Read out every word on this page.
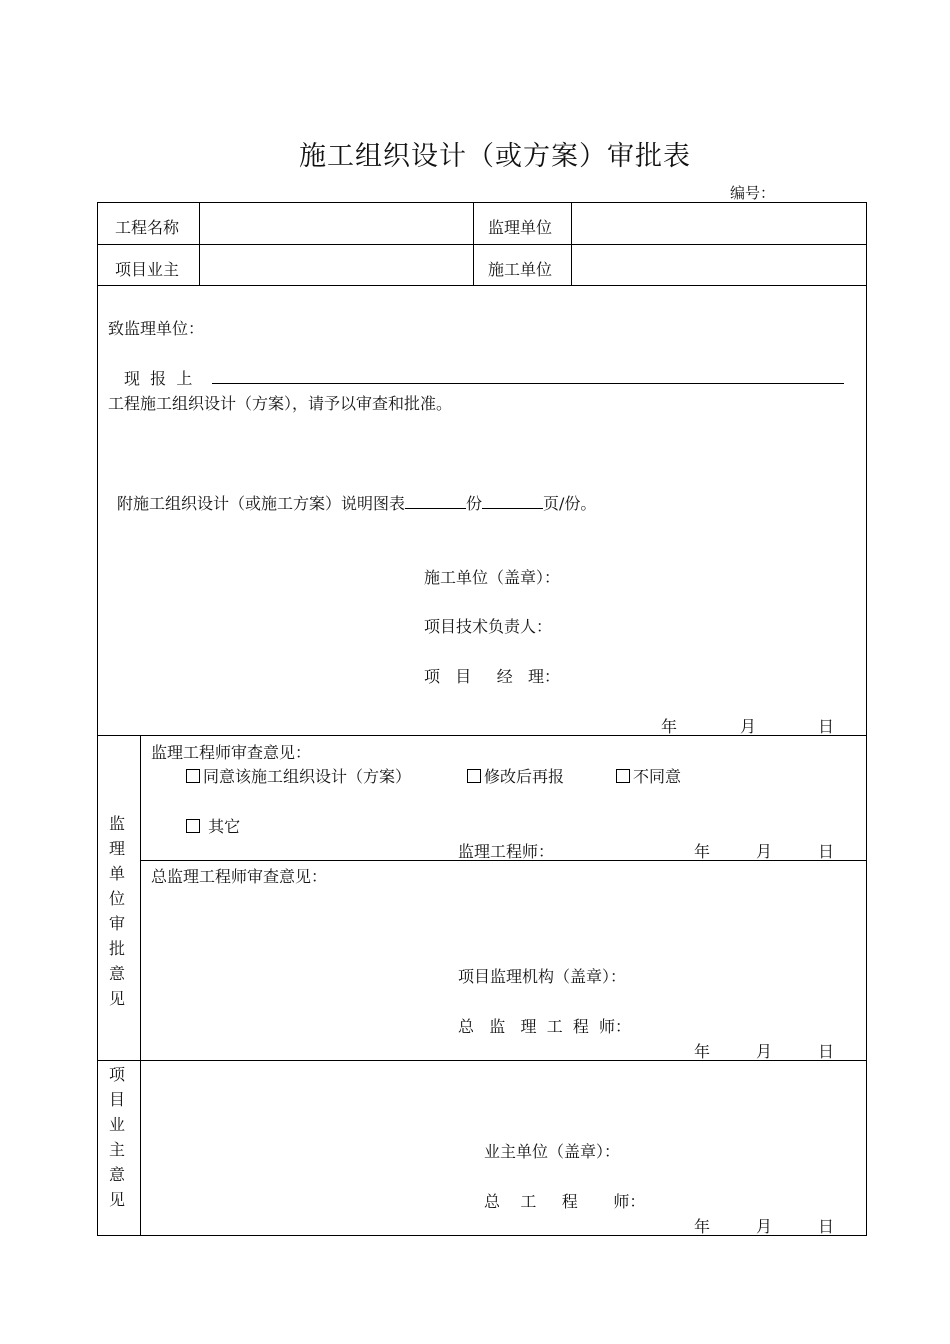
施工组织设计（或方案）审批表
编号：
工程名称	监理单位
项目业主	施工单位
致监理单位：
现  报  上
工程施工组织设计（方案），请予以审查和批准。
附施工组织设计（或施工方案）说明图表	份	页/份。
施工单位（盖章）：
项目技术负责人：
项   目     经   理：
年	月	日
监
理
单
位
审
批
意
见
监理工程师审查意见：
同意该施工组织设计（方案）	修改后再报	不同意
其它
监理工程师：	年	月	日
总监理工程师审查意见：
项目监理机构（盖章）：
总   监   理  工  程  师：
年	月	日
项
目
业
主
意
见
业主单位（盖章）：
总    工     程       师：
年	月	日
